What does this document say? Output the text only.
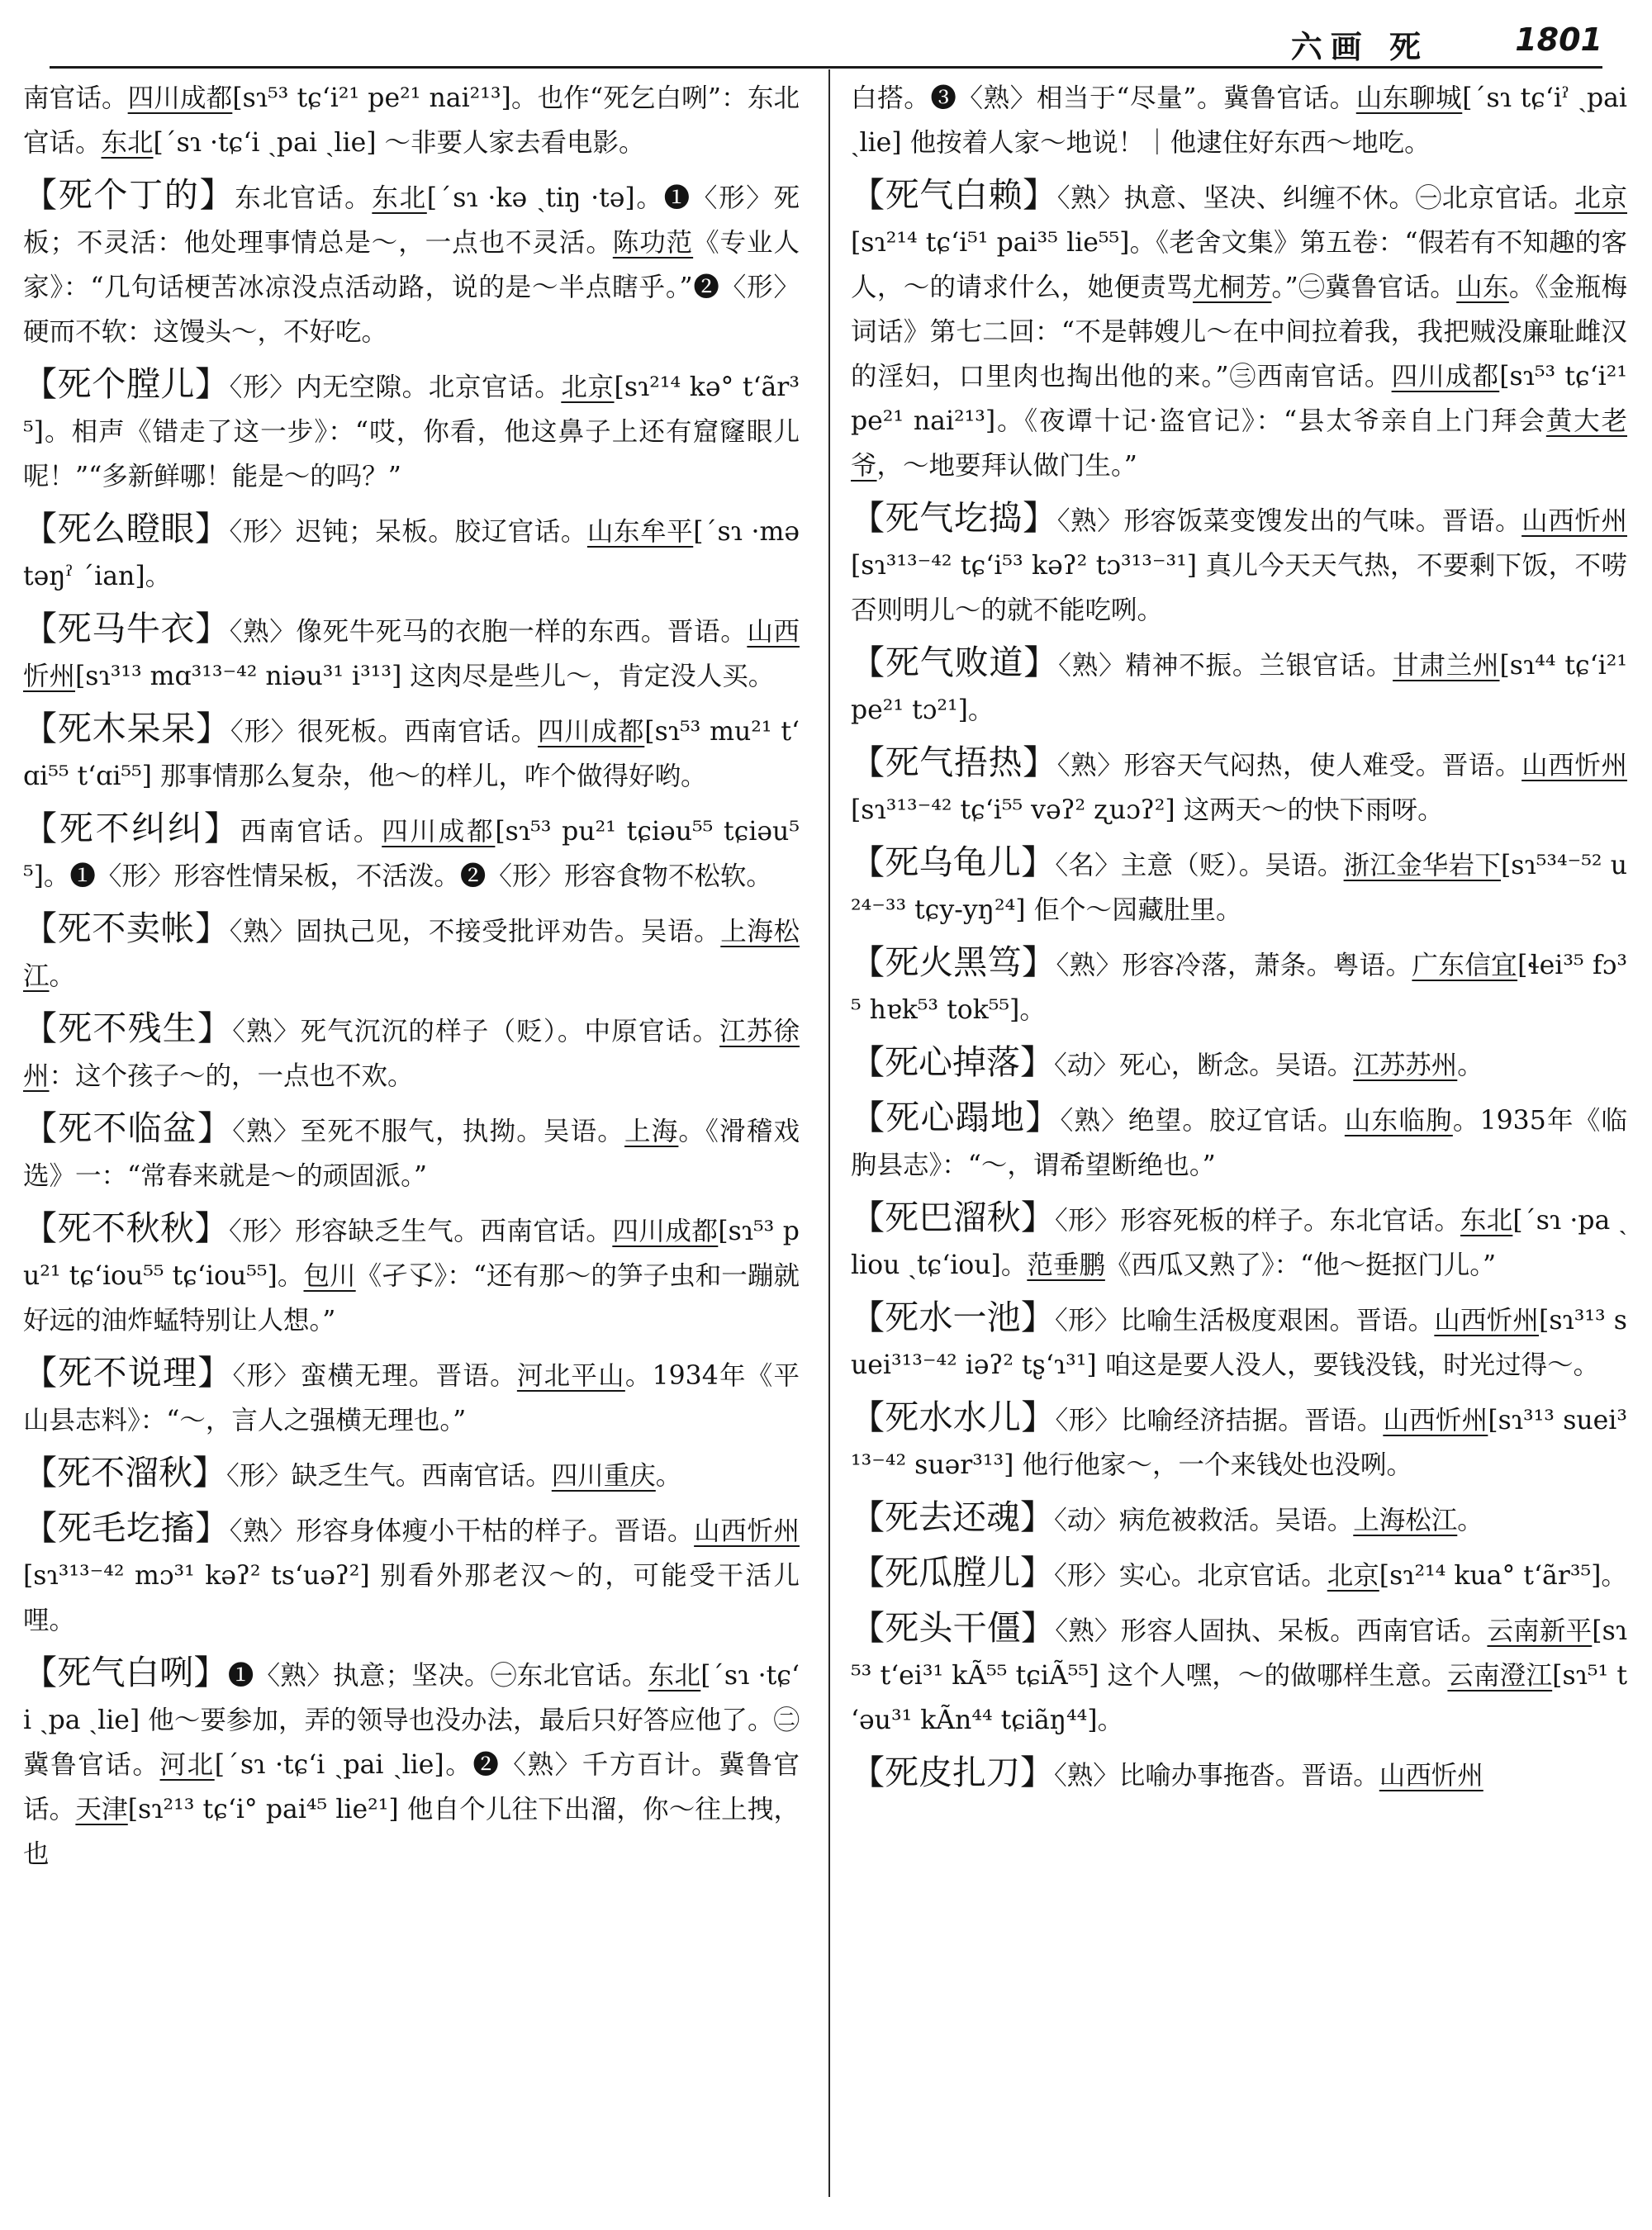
六画 死	1801

南官话。四川成都[sɿ⁵³ tɕʻi²¹ pe²¹ nai²¹³]。也作“死乞白咧”：东北官话。东北[ˊsɿ ·tɕʻi ˏpai ˎlie] ～非要人家去看电影。

【死个丁的】东北官话。东北[ˊsɿ ·kə ˎtiŋ ·tə]。❶〈形〉死板；不灵活：他处理事情总是～，一点也不灵活。陈功范《专业人家》：“几句话梗苦冰凉没点活动路，说的是～半点瞎乎。”❷〈形〉硬而不软：这馒头～，不好吃。

【死个膛儿】〈形〉内无空隙。北京官话。北京[sɿ²¹⁴ kə° tʻãr³⁵]。相声《错走了这一步》：“哎，你看，他这鼻子上还有窟窿眼儿呢！”“多新鲜哪！能是～的吗？”

【死么瞪眼】〈形〉迟钝；呆板。胶辽官话。山东牟平[ˊsɿ ·mə təŋˀ ˊian]。

【死马牛衣】〈熟〉像死牛死马的衣胞一样的东西。晋语。山西忻州[sɿ³¹³ mɑ³¹³⁻⁴² niəu³¹ i³¹³] 这肉尽是些儿～，肯定没人买。

【死木呆呆】〈形〉很死板。西南官话。四川成都[sɿ⁵³ mu²¹ tʻɑi⁵⁵ tʻɑi⁵⁵] 那事情那么复杂，他～的样儿，咋个做得好哟。

【死不纠纠】西南官话。四川成都[sɿ⁵³ pu²¹ tɕiəu⁵⁵ tɕiəu⁵⁵]。❶〈形〉形容性情呆板，不活泼。❷〈形〉形容食物不松软。

【死不卖帐】〈熟〉固执己见，不接受批评劝告。吴语。上海松江。

【死不残生】〈熟〉死气沉沉的样子（贬）。中原官话。江苏徐州：这个孩子～的，一点也不欢。

【死不临盆】〈熟〉至死不服气，执拗。吴语。上海。《滑稽戏选》一：“常春来就是～的顽固派。”

【死不秋秋】〈形〉形容缺乏生气。西南官话。四川成都[sɿ⁵³ pu²¹ tɕʻiou⁵⁵ tɕʻiou⁵⁵]。包川《孑孓》：“还有那～的笋子虫和一蹦就好远的油炸蜢特别让人想。”

【死不说理】〈形〉蛮横无理。晋语。河北平山。1934年《平山县志料》：“～，言人之强横无理也。”

【死不溜秋】〈形〉缺乏生气。西南官话。四川重庆。

【死毛圪搐】〈熟〉形容身体瘦小干枯的样子。晋语。山西忻州[sɿ³¹³⁻⁴² mɔ³¹ kəʔ² tsʻuəʔ²] 别看外那老汉～的，可能受干活儿哩。

【死气白咧】❶〈熟〉执意；坚决。㊀东北官话。东北[ˊsɿ ·tɕʻi ˏpa ˎlie] 他～要参加，弄的领导也没办法，最后只好答应他了。㊁冀鲁官话。河北[ˊsɿ ·tɕʻi ˏpai ˎlie]。❷〈熟〉千方百计。冀鲁官话。天津[sɿ²¹³ tɕʻi° pai⁴⁵ lie²¹] 他自个儿往下出溜，你～往上拽，也

白搭。❸〈熟〉相当于“尽量”。冀鲁官话。山东聊城[ˊsɿ tɕʻiˀ ˏpai ˎlie] 他按着人家～地说！｜他逮住好东西～地吃。

【死气白赖】〈熟〉执意、坚决、纠缠不休。㊀北京官话。北京[sɿ²¹⁴ tɕʻi⁵¹ pai³⁵ lie⁵⁵]。《老舍文集》第五卷：“假若有不知趣的客人，～的请求什么，她便责骂尤桐芳。”㊁冀鲁官话。山东。《金瓶梅词话》第七二回：“不是韩嫂儿～在中间拉着我，我把贼没廉耻雌汉的淫妇，口里肉也掏出他的来。”㊂西南官话。四川成都[sɿ⁵³ tɕʻi²¹ pe²¹ nai²¹³]。《夜谭十记·盗官记》：“县太爷亲自上门拜会黄大老爷，～地要拜认做门生。”

【死气圪捣】〈熟〉形容饭菜变馊发出的气味。晋语。山西忻州[sɿ³¹³⁻⁴² tɕʻi⁵³ kəʔ² tɔ³¹³⁻³¹] 真儿今天天气热，不要剩下饭，不唠否则明儿～的就不能吃咧。

【死气败道】〈熟〉精神不振。兰银官话。甘肃兰州[sɿ⁴⁴ tɕʻi²¹ pe²¹ tɔ²¹]。

【死气捂热】〈熟〉形容天气闷热，使人难受。晋语。山西忻州[sɿ³¹³⁻⁴² tɕʻi⁵⁵ vəʔ² ʐuɔʔ²] 这两天～的快下雨呀。

【死乌龟儿】〈名〉主意（贬）。吴语。浙江金华岩下[sɿ⁵³⁴⁻⁵² u²⁴⁻³³ tɕy-yŋ²⁴] 佢个～囥藏肚里。

【死火黑笃】〈熟〉形容冷落，萧条。粤语。广东信宜[ɬei³⁵ fɔ³⁵ hɐk⁵³ tok⁵⁵]。

【死心掉落】〈动〉死心，断念。吴语。江苏苏州。

【死心蹋地】〈熟〉绝望。胶辽官话。山东临朐。1935年《临朐县志》：“～，谓希望断绝也。”

【死巴溜秋】〈形〉形容死板的样子。东北官话。东北[ˊsɿ ·pa ˎliou ˎtɕʻiou]。范垂鹏《西瓜又熟了》：“他～挺抠门儿。”

【死水一池】〈形〉比喻生活极度艰困。晋语。山西忻州[sɿ³¹³ suei³¹³⁻⁴² iəʔ² tʂʻɿ³¹] 咱这是要人没人，要钱没钱，时光过得～。

【死水水儿】〈形〉比喻经济拮据。晋语。山西忻州[sɿ³¹³ suei³¹³⁻⁴² suər³¹³] 他行他家～，一个来钱处也没咧。

【死去还魂】〈动〉病危被救活。吴语。上海松江。

【死瓜膛儿】〈形〉实心。北京官话。北京[sɿ²¹⁴ kua° tʻãr³⁵]。

【死头干僵】〈熟〉形容人固执、呆板。西南官话。云南新平[sɿ⁵³ tʻei³¹ kÃ⁵⁵ tɕiÃ⁵⁵] 这个人嘿，～的做哪样生意。云南澄江[sɿ⁵¹ tʻəu³¹ kÃn⁴⁴ tɕiãŋ⁴⁴]。

【死皮扎刀】〈熟〉比喻办事拖沓。晋语。山西忻州
